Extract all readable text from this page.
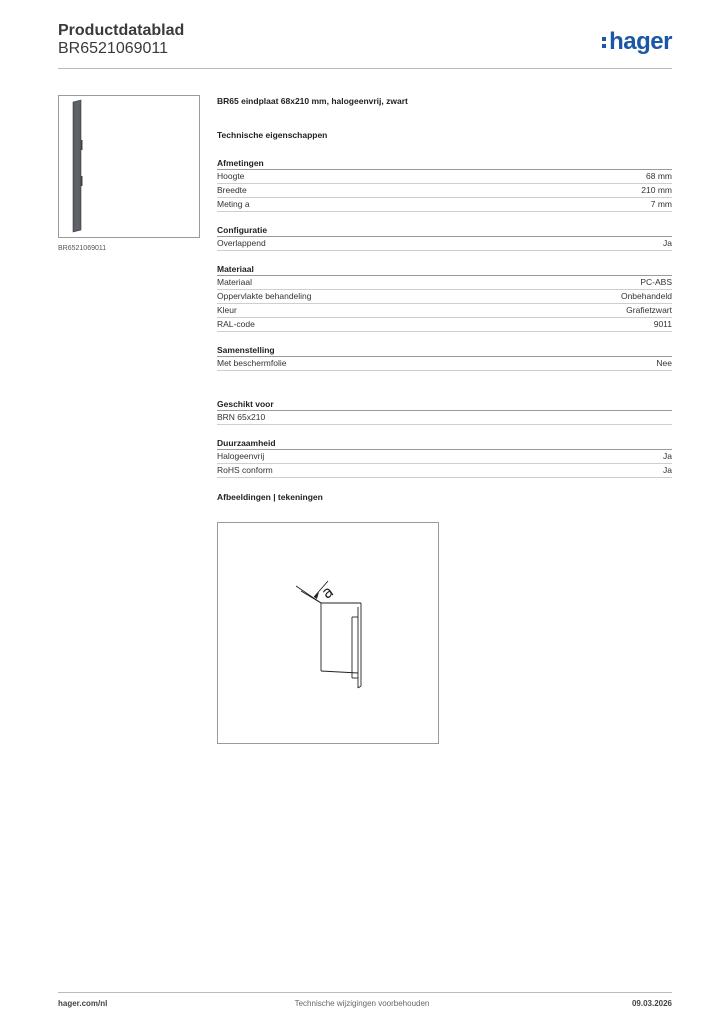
Productdatablad
BR6521069011	hager
BR6521069011
BR65 eindplaat 68x210 mm, halogeenvrij, zwart
Technische eigenschappen
Afmetingen
Hoogte	68 mm
Breedte	210 mm
Meting a	7 mm
Configuratie
Overlappend	Ja
Materiaal
Materiaal	PC-ABS
Oppervlakte behandeling	Onbehandeld
Kleur	Grafietzwart
RAL-code	9011
Samenstelling
Met beschermfolie	Nee
Geschikt voor
BRN 65x210
Duurzaamheid
Halogeenvrij	Ja
RoHS conform	Ja
Afbeeldingen | tekeningen
a
hager.com/nl	Technische wijzigingen voorbehouden	09.03.2026
